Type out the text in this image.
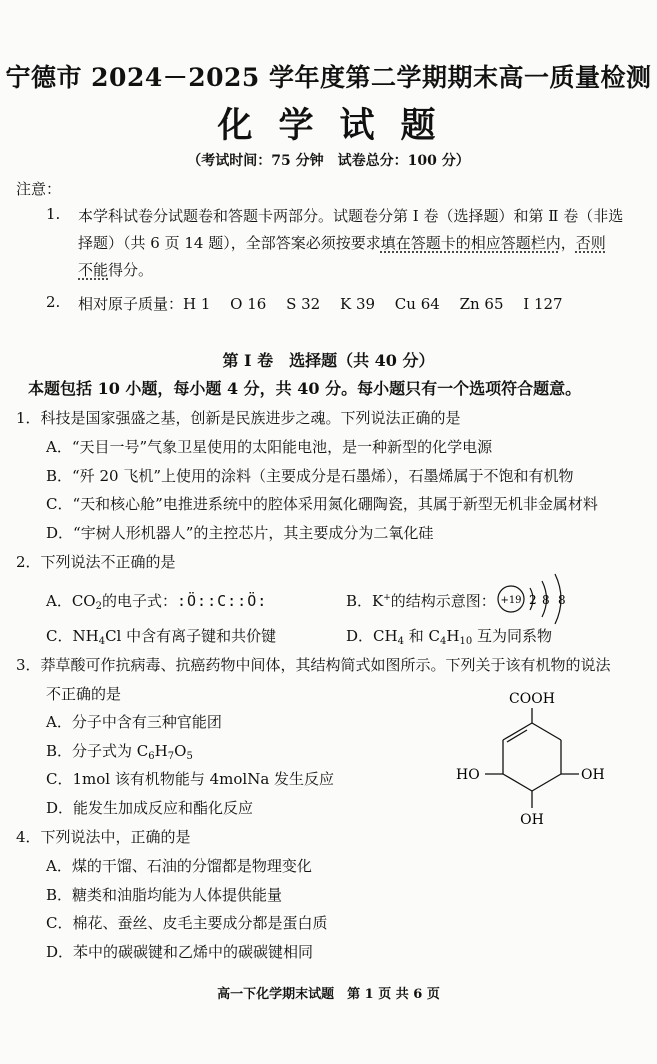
宁德市 2024－2025 学年度第二学期期末高一质量检测
化学试题
（考试时间：75 分钟　试卷总分：100 分）
注意：
1. 本学科试卷分试题卷和答题卡两部分。试题卷分第 Ⅰ 卷（选择题）和第 Ⅱ 卷（非选
择题）（共 6 页 14 题），全部答案必须按要求填在答题卡的相应答题栏内，否则
不能得分。
2. 相对原子质量：H 1　 O 16　 S 32　 K 39　 Cu 64　 Zn 65　 I 127
第 Ⅰ 卷　选择题（共 40 分）
本题包括 10 小题，每小题 4 分，共 40 分。每小题只有一个选项符合题意。
1．科技是国家强盛之基，创新是民族进步之魂。下列说法正确的是
A．“天目一号”气象卫星使用的太阳能电池，是一种新型的化学电源
B．“歼 20 飞机”上使用的涂料（主要成分是石墨烯），石墨烯属于不饱和有机物
C．“天和核心舱”电推进系统中的腔体采用氮化硼陶瓷，其属于新型无机非金属材料
D．“宇树人形机器人”的主控芯片，其主要成分为二氧化硅
2．下列说法不正确的是
A．$CO_2$的电子式：:Ö::C::Ö:	B．K+的结构示意图： +19 2 8 8
C．$NH_4Cl$ 中含有离子键和共价键	D．$CH_4$ 和 $C_4H_{10}$ 互为同系物
3．莽草酸可作抗病毒、抗癌药物中间体，其结构简式如图所示。下列关于该有机物的说法
不正确的是
A．分子中含有三种官能团
B．分子式为 $C_6H_7O_5$
C．1mol 该有机物能与 4molNa 发生反应
D．能发生加成反应和酯化反应
COOH
HO	OH
OH
4．下列说法中，正确的是
A．煤的干馏、石油的分馏都是物理变化
B．糖类和油脂均能为人体提供能量
C．棉花、蚕丝、皮毛主要成分都是蛋白质
D．苯中的碳碳键和乙烯中的碳碳键相同
高一下化学期末试题　第 1 页 共 6 页
